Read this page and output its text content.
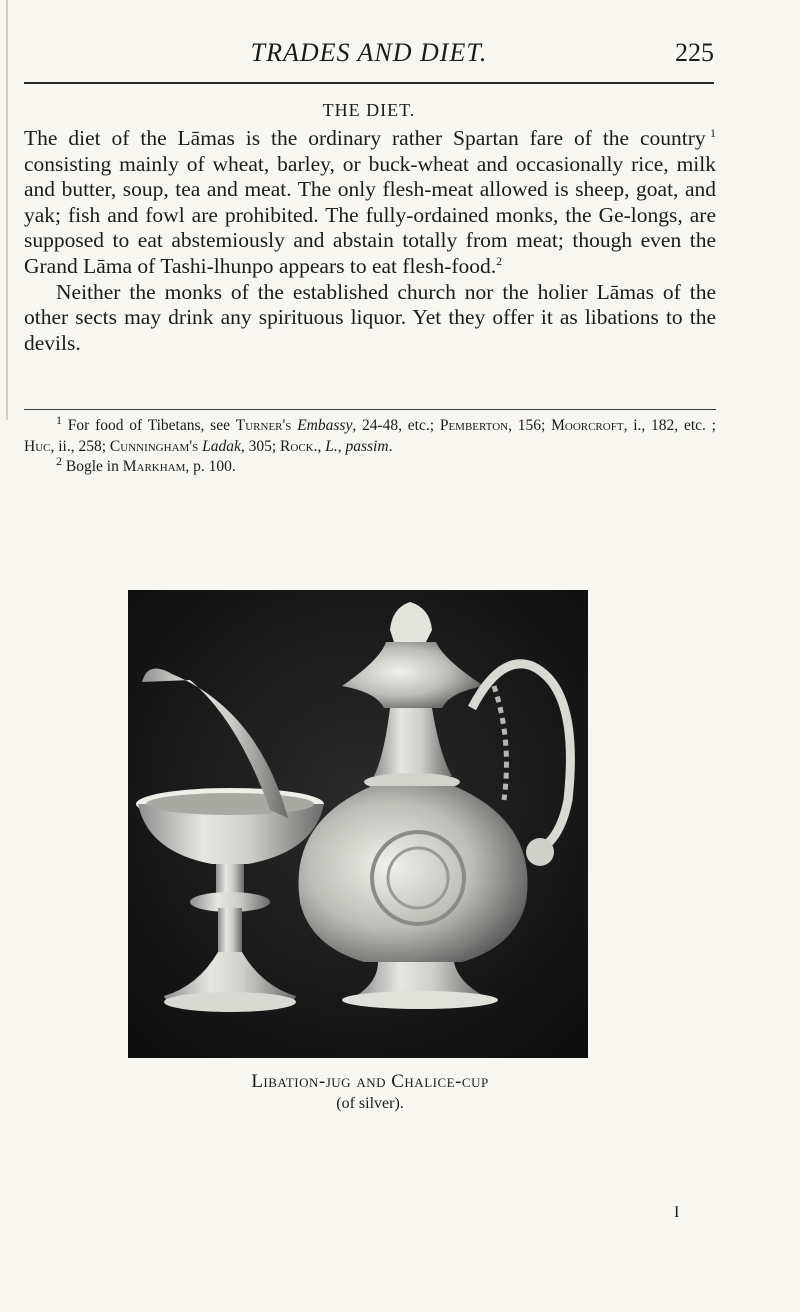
TRADES AND DIET.	225
THE DIET.

The diet of the Lāmas is the ordinary rather Spartan fare of the country  $^1$ consisting mainly of wheat, barley, or buck-wheat and occasionally rice, milk and butter, soup, tea and meat. The only flesh-meat allowed is sheep, goat, and yak; fish and fowl are prohibited. The fully-ordained monks, the Ge-longs, are supposed to eat abstemiously and abstain totally from meat; though even the Grand Lāma of Tashi-lhunpo appears to eat flesh-food.$^2$

Neither the monks of the established church nor the holier Lāmas of the other sects may drink any spirituous liquor. Yet they offer it as libations to the devils.

$^1$ For food of Tibetans, see Turner's Embassy, 24-48, etc.; Pemberton, 156; Moorcroft, i., 182, etc. ; Huc, ii., 258; Cunningham's Ladak, 305; Rock., L., passim.

$^2$ Bogle in Markham, p. 100.

Libation-jug and Chalice-cup
(of silver).
I
